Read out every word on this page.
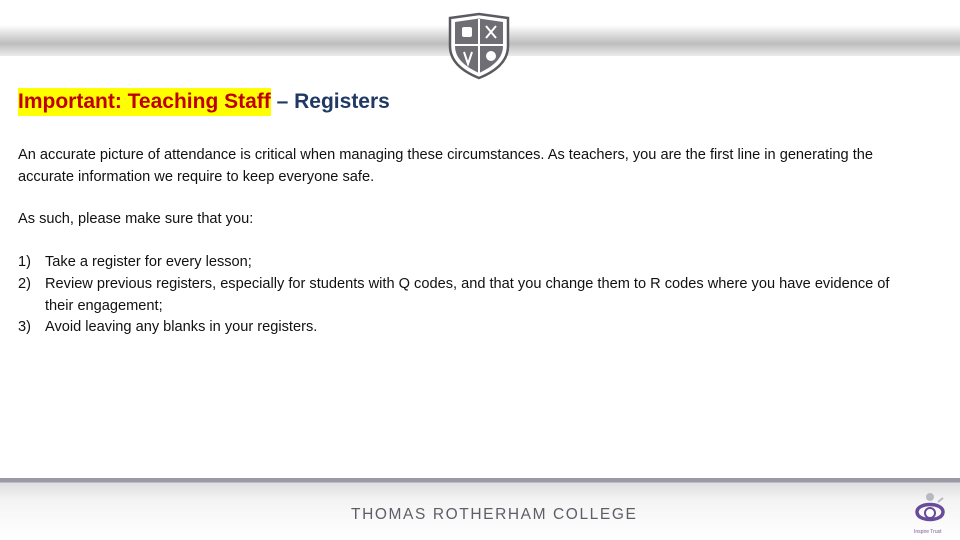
Important: Teaching Staff – Registers

An accurate picture of attendance is critical when managing these circumstances. As teachers, you are the first line in generating the accurate information we require to keep everyone safe.

As such, please make sure that you:

1) Take a register for every lesson;
2) Review previous registers, especially for students with Q codes, and that you change them to R codes where you have evidence of their engagement;
3) Avoid leaving any blanks in your registers.
THOMAS ROTHERHAM COLLEGE
Inspire Trust
